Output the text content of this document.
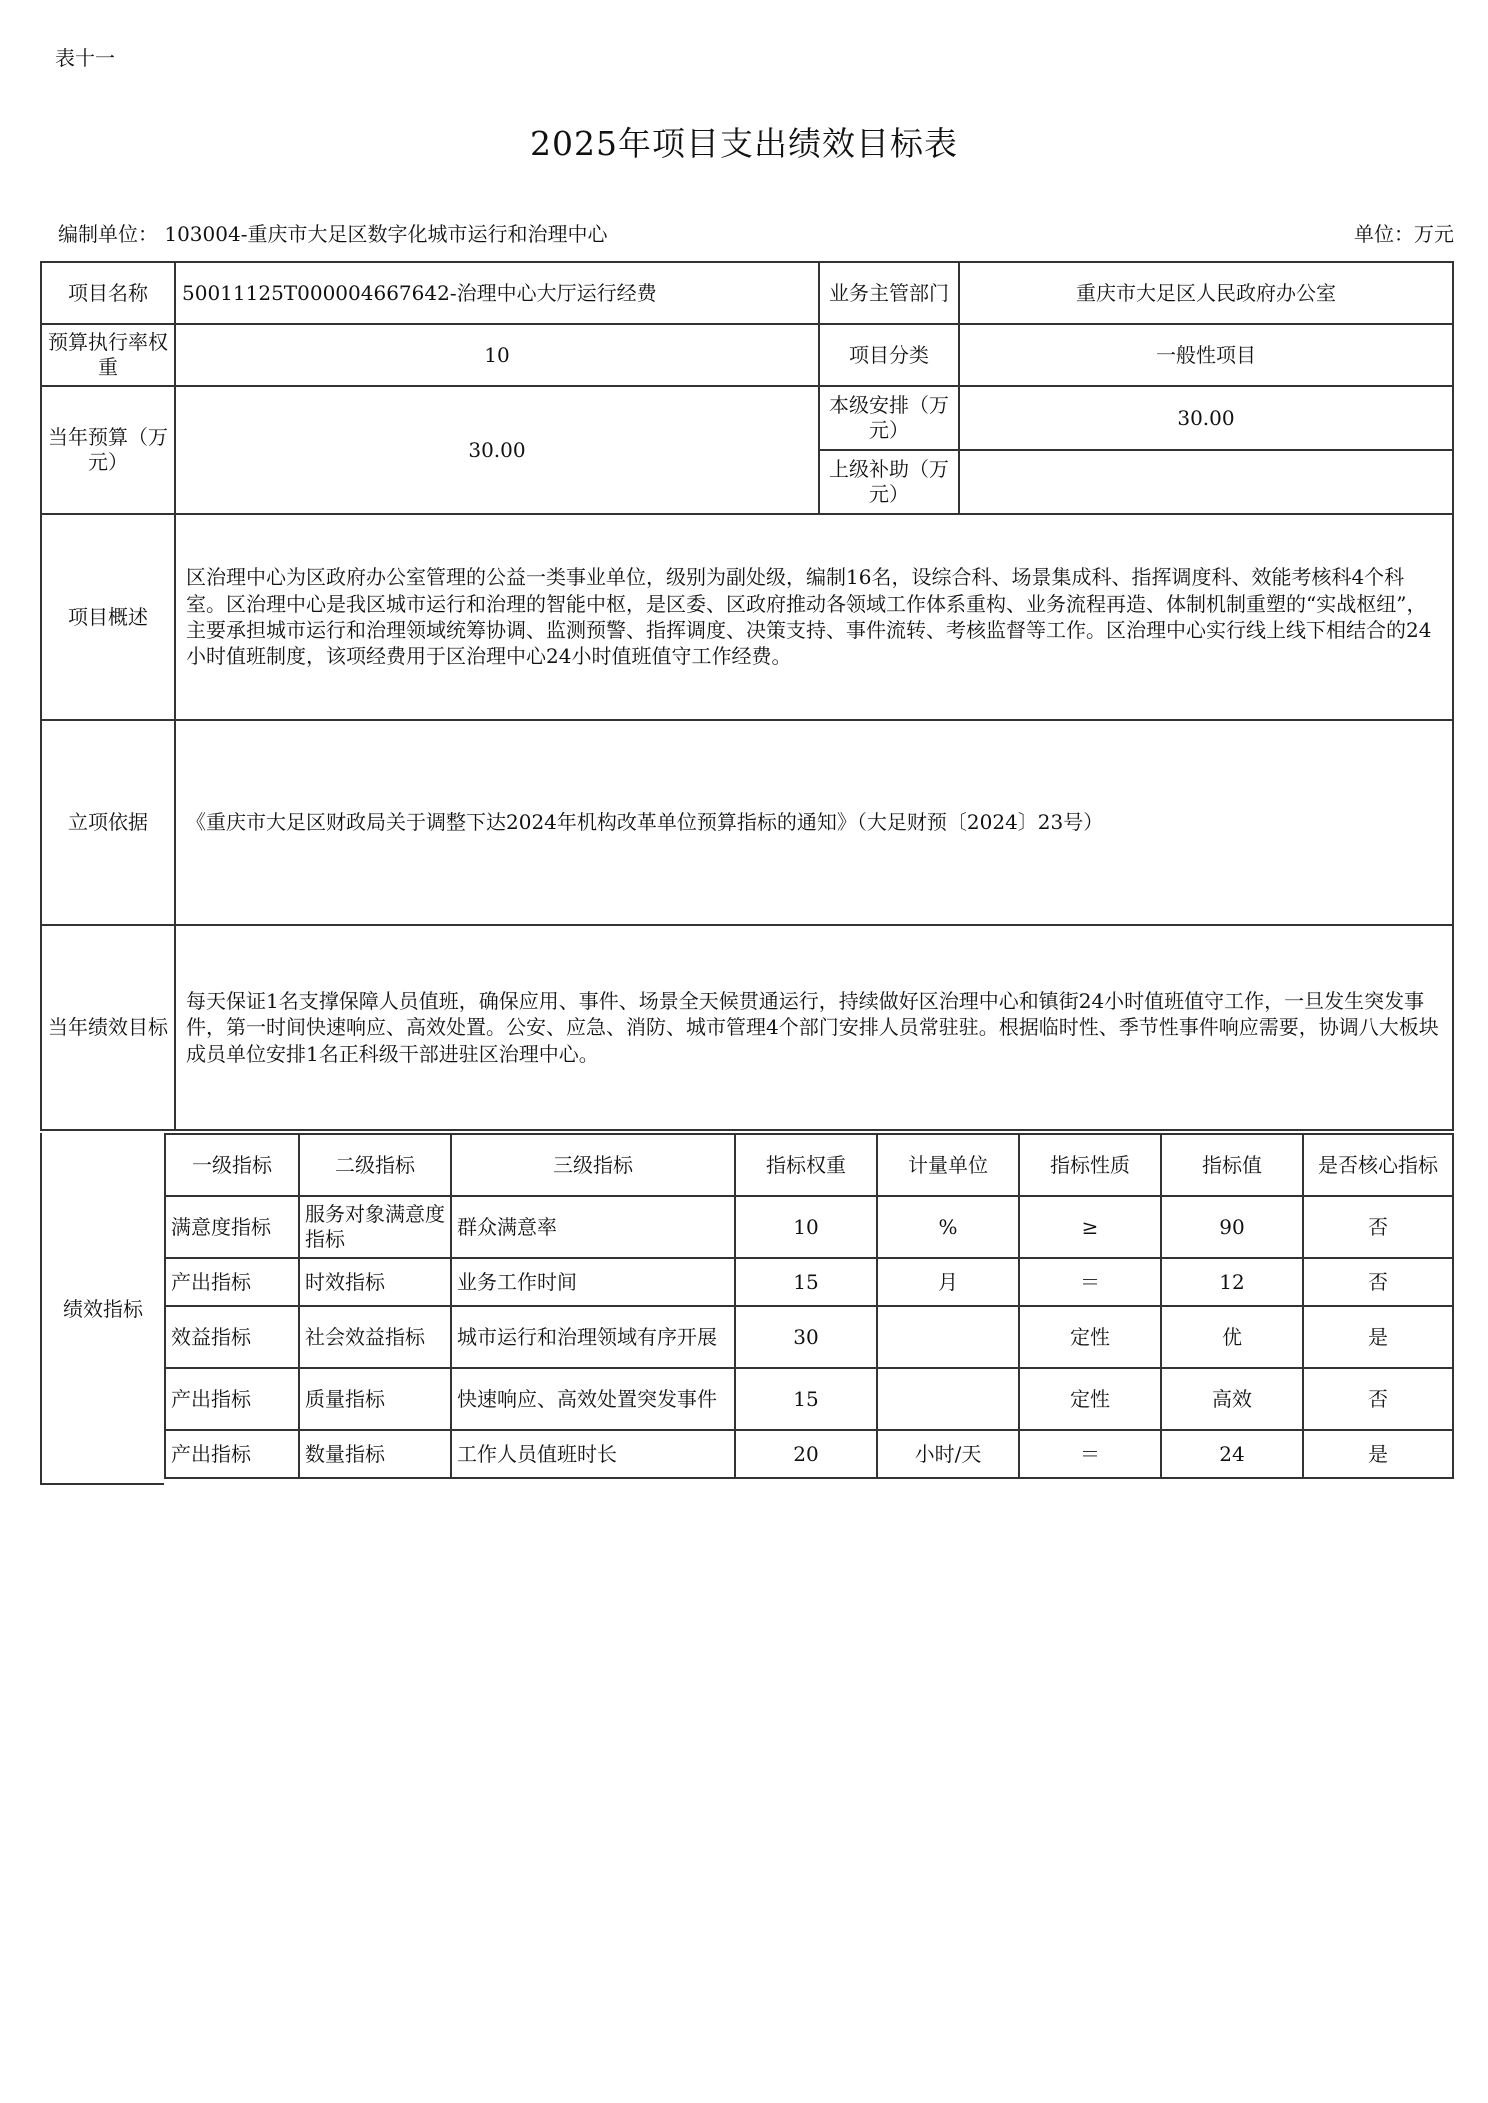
表十一
2025年项目支出绩效目标表
编制单位： 103004-重庆市大足区数字化城市运行和治理中心	单位：万元
项目名称	50011125T000004667642-治理中心大厅运行经费	业务主管部门	重庆市大足区人民政府办公室
预算执行率权重	10	项目分类	一般性项目
当年预算（万元）	30.00	本级安排（万元）	30.00
		上级补助（万元）	
项目概述	区治理中心为区政府办公室管理的公益一类事业单位，级别为副处级，编制16名，设综合科、场景集成科、指挥调度科、效能考核科4个科室。区治理中心是我区城市运行和治理的智能中枢，是区委、区政府推动各领域工作体系重构、业务流程再造、体制机制重塑的“实战枢纽”，主要承担城市运行和治理领域统筹协调、监测预警、指挥调度、决策支持、事件流转、考核监督等工作。区治理中心实行线上线下相结合的24小时值班制度，该项经费用于区治理中心24小时值班值守工作经费。		
立项依据	《重庆市大足区财政局关于调整下达2024年机构改革单位预算指标的通知》（大足财预〔2024〕23号）		
当年绩效目标	每天保证1名支撑保障人员值班，确保应用、事件、场景全天候贯通运行，持续做好区治理中心和镇街24小时值班值守工作，一旦发生突发事件，第一时间快速响应、高效处置。公安、应急、消防、城市管理4个部门安排人员常驻驻。根据临时性、季节性事件响应需要，协调八大板块成员单位安排1名正科级干部进驻区治理中心。		
绩效指标
一级指标	二级指标	三级指标	指标权重	计量单位	指标性质	指标值	是否核心指标
满意度指标	服务对象满意度指标	群众满意率	10	%	≥	90	否
产出指标	时效指标	业务工作时间	15	月	＝	12	否
效益指标	社会效益指标	城市运行和治理领域有序开展	30		定性	优	是
产出指标	质量指标	快速响应、高效处置突发事件	15		定性	高效	否
产出指标	数量指标	工作人员值班时长	20	小时/天	＝	24	是
